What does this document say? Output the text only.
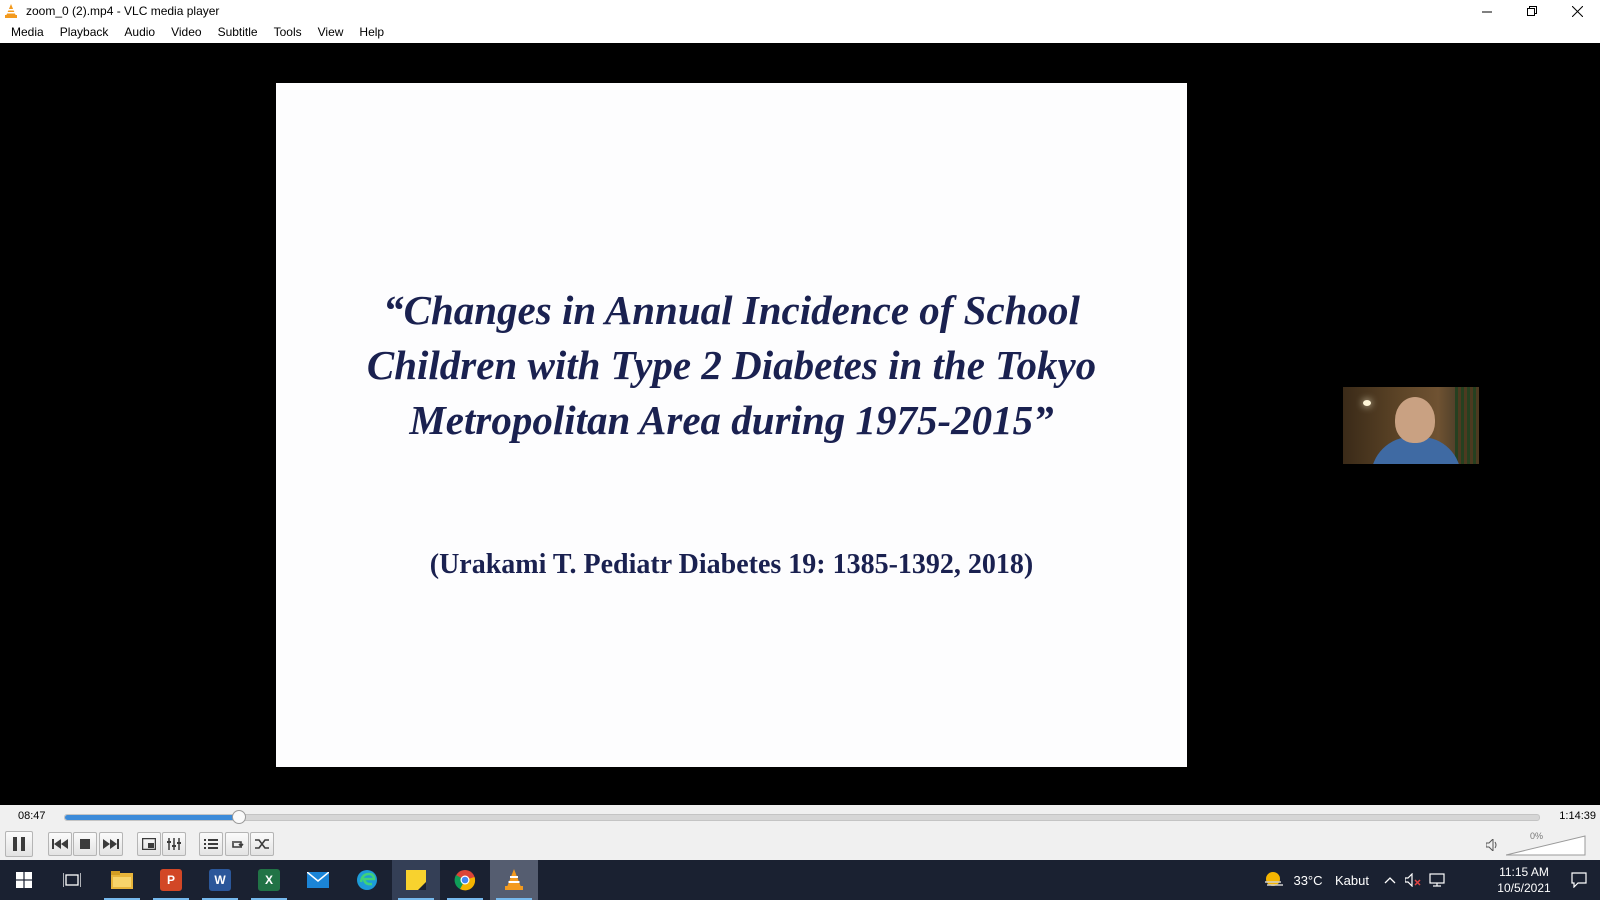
zoom_0 (2).mp4 - VLC media player
Media	Playback	Audio	Video	Subtitle	Tools	View	Help
“Changes in Annual Incidence of School
Children with Type 2 Diabetes in the Tokyo
Metropolitan Area during 1975-2015”
(Urakami T. Pediatr Diabetes 19: 1385-1392, 2018)
08:47	1:14:39
0%
P	W	X	33°C Kabut
11:15 AM
10/5/2021
